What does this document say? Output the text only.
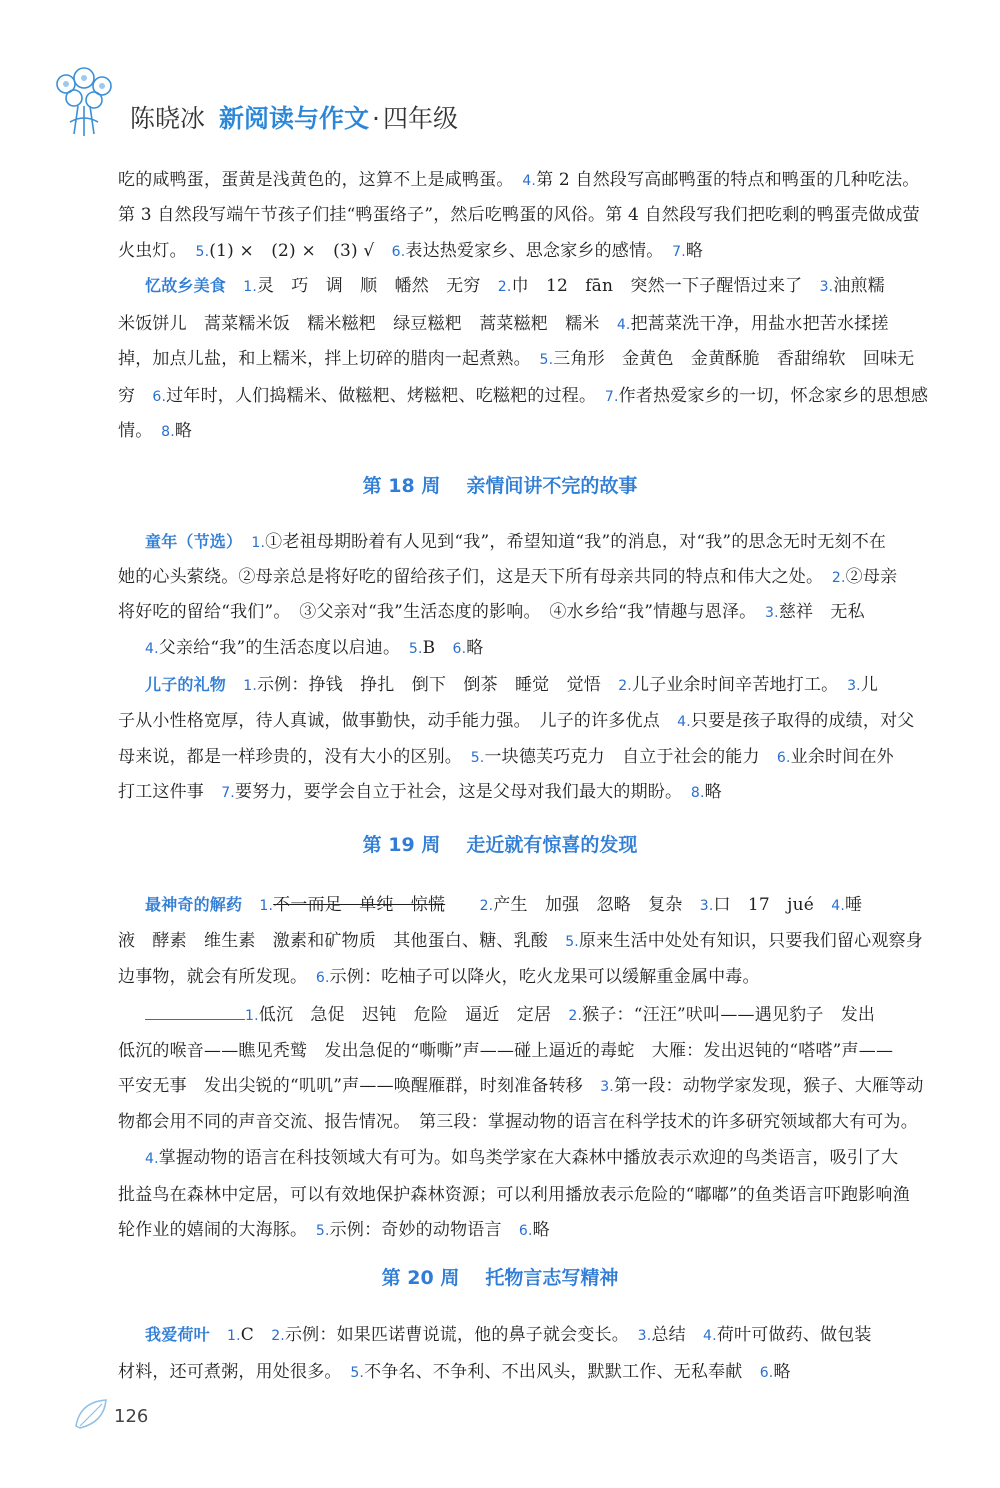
陈晓冰 新阅读与作文 · 四年级
吃的咸鸭蛋，蛋黄是浅黄色的，这算不上是咸鸭蛋。　4.第 2 自然段写高邮鸭蛋的特点和鸭蛋的几种吃法。
第 3 自然段写端午节孩子们挂“鸭蛋络子”，然后吃鸭蛋的风俗。第 4 自然段写我们把吃剩的鸭蛋壳做成萤
火虫灯。　5.(1) ×　(2) ×　(3) √　6.表达热爱家乡、思念家乡的感情。　7.略
忆故乡美食　 1.灵　巧　调　顺　幡然　无穷　2.巾　12　fān　突然一下子醒悟过来了　3.油煎糯
米饭饼儿　蒿菜糯米饭　糯米糍粑　绿豆糍粑　蒿菜糍粑　糯米　4.把蒿菜洗干净，用盐水把苦水揉搓
掉，加点儿盐，和上糯米，拌上切碎的腊肉一起煮熟。　5.三角形　金黄色　金黄酥脆　香甜绵软　回味无
穷　6.过年时，人们捣糯米、做糍粑、烤糍粑、吃糍粑的过程。　7.作者热爱家乡的一切，怀念家乡的思想感
情。　8.略
第 18 周 亲情间讲不完的故事
童年（节选）　 1.①老祖母期盼着有人见到“我”，希望知道“我”的消息，对“我”的思念无时无刻不在
她的心头萦绕。②母亲总是将好吃的留给孩子们，这是天下所有母亲共同的特点和伟大之处。　2.②母亲
将好吃的留给“我们”。　③父亲对“我”生活态度的影响。　④水乡给“我”情趣与恩泽。　3.慈祥　无私
4.父亲给“我”的生活态度以启迪。　5.B　6.略
儿子的礼物　 1.示例：挣钱　挣扎　倒下　倒茶　睡觉　觉悟　2.儿子业余时间辛苦地打工。　3.儿
子从小性格宽厚，待人真诚，做事勤快，动手能力强。　儿子的许多优点　4.只要是孩子取得的成绩，对父
母来说，都是一样珍贵的，没有大小的区别。　5.一块德芙巧克力　自立于社会的能力　6.业余时间在外
打工这件事　7.要努力，要学会自立于社会，这是父母对我们最大的期盼。　8.略
第 19 周 走近就有惊喜的发现
最神奇的解药　 1.不一而足　单纯　惊慌　　 2.产生　加强　忽略　复杂　3.口　17　jué　4.唾
液　酵素　维生素　激素和矿物质　其他蛋白、糖、乳酸　5.原来生活中处处有知识，只要我们留心观察身
边事物，就会有所发现。　6.示例：吃柚子可以降火，吃火龙果可以缓解重金属中毒。
1.低沉　急促　迟钝　危险　逼近　定居　2.猴子：“汪汪”吠叫——遇见豹子　发出
低沉的喉音——瞧见秃鹫　发出急促的“嘶嘶”声——碰上逼近的毒蛇　大雁：发出迟钝的“嗒嗒”声——
平安无事　发出尖锐的“叽叽”声——唤醒雁群，时刻准备转移　3.第一段：动物学家发现，猴子、大雁等动
物都会用不同的声音交流、报告情况。　第三段：掌握动物的语言在科学技术的许多研究领域都大有可为。
4.掌握动物的语言在科技领域大有可为。如鸟类学家在大森林中播放表示欢迎的鸟类语言，吸引了大
批益鸟在森林中定居，可以有效地保护森林资源；可以利用播放表示危险的“嘟嘟”的鱼类语言吓跑影响渔
轮作业的嬉闹的大海豚。　5.示例：奇妙的动物语言　6.略
第 20 周 托物言志写精神
我爱荷叶　 1.C　2.示例：如果匹诺曹说谎，他的鼻子就会变长。　3.总结　4.荷叶可做药、做包装
材料，还可煮粥，用处很多。　5.不争名、不争利、不出风头，默默工作、无私奉献　6.略
126
